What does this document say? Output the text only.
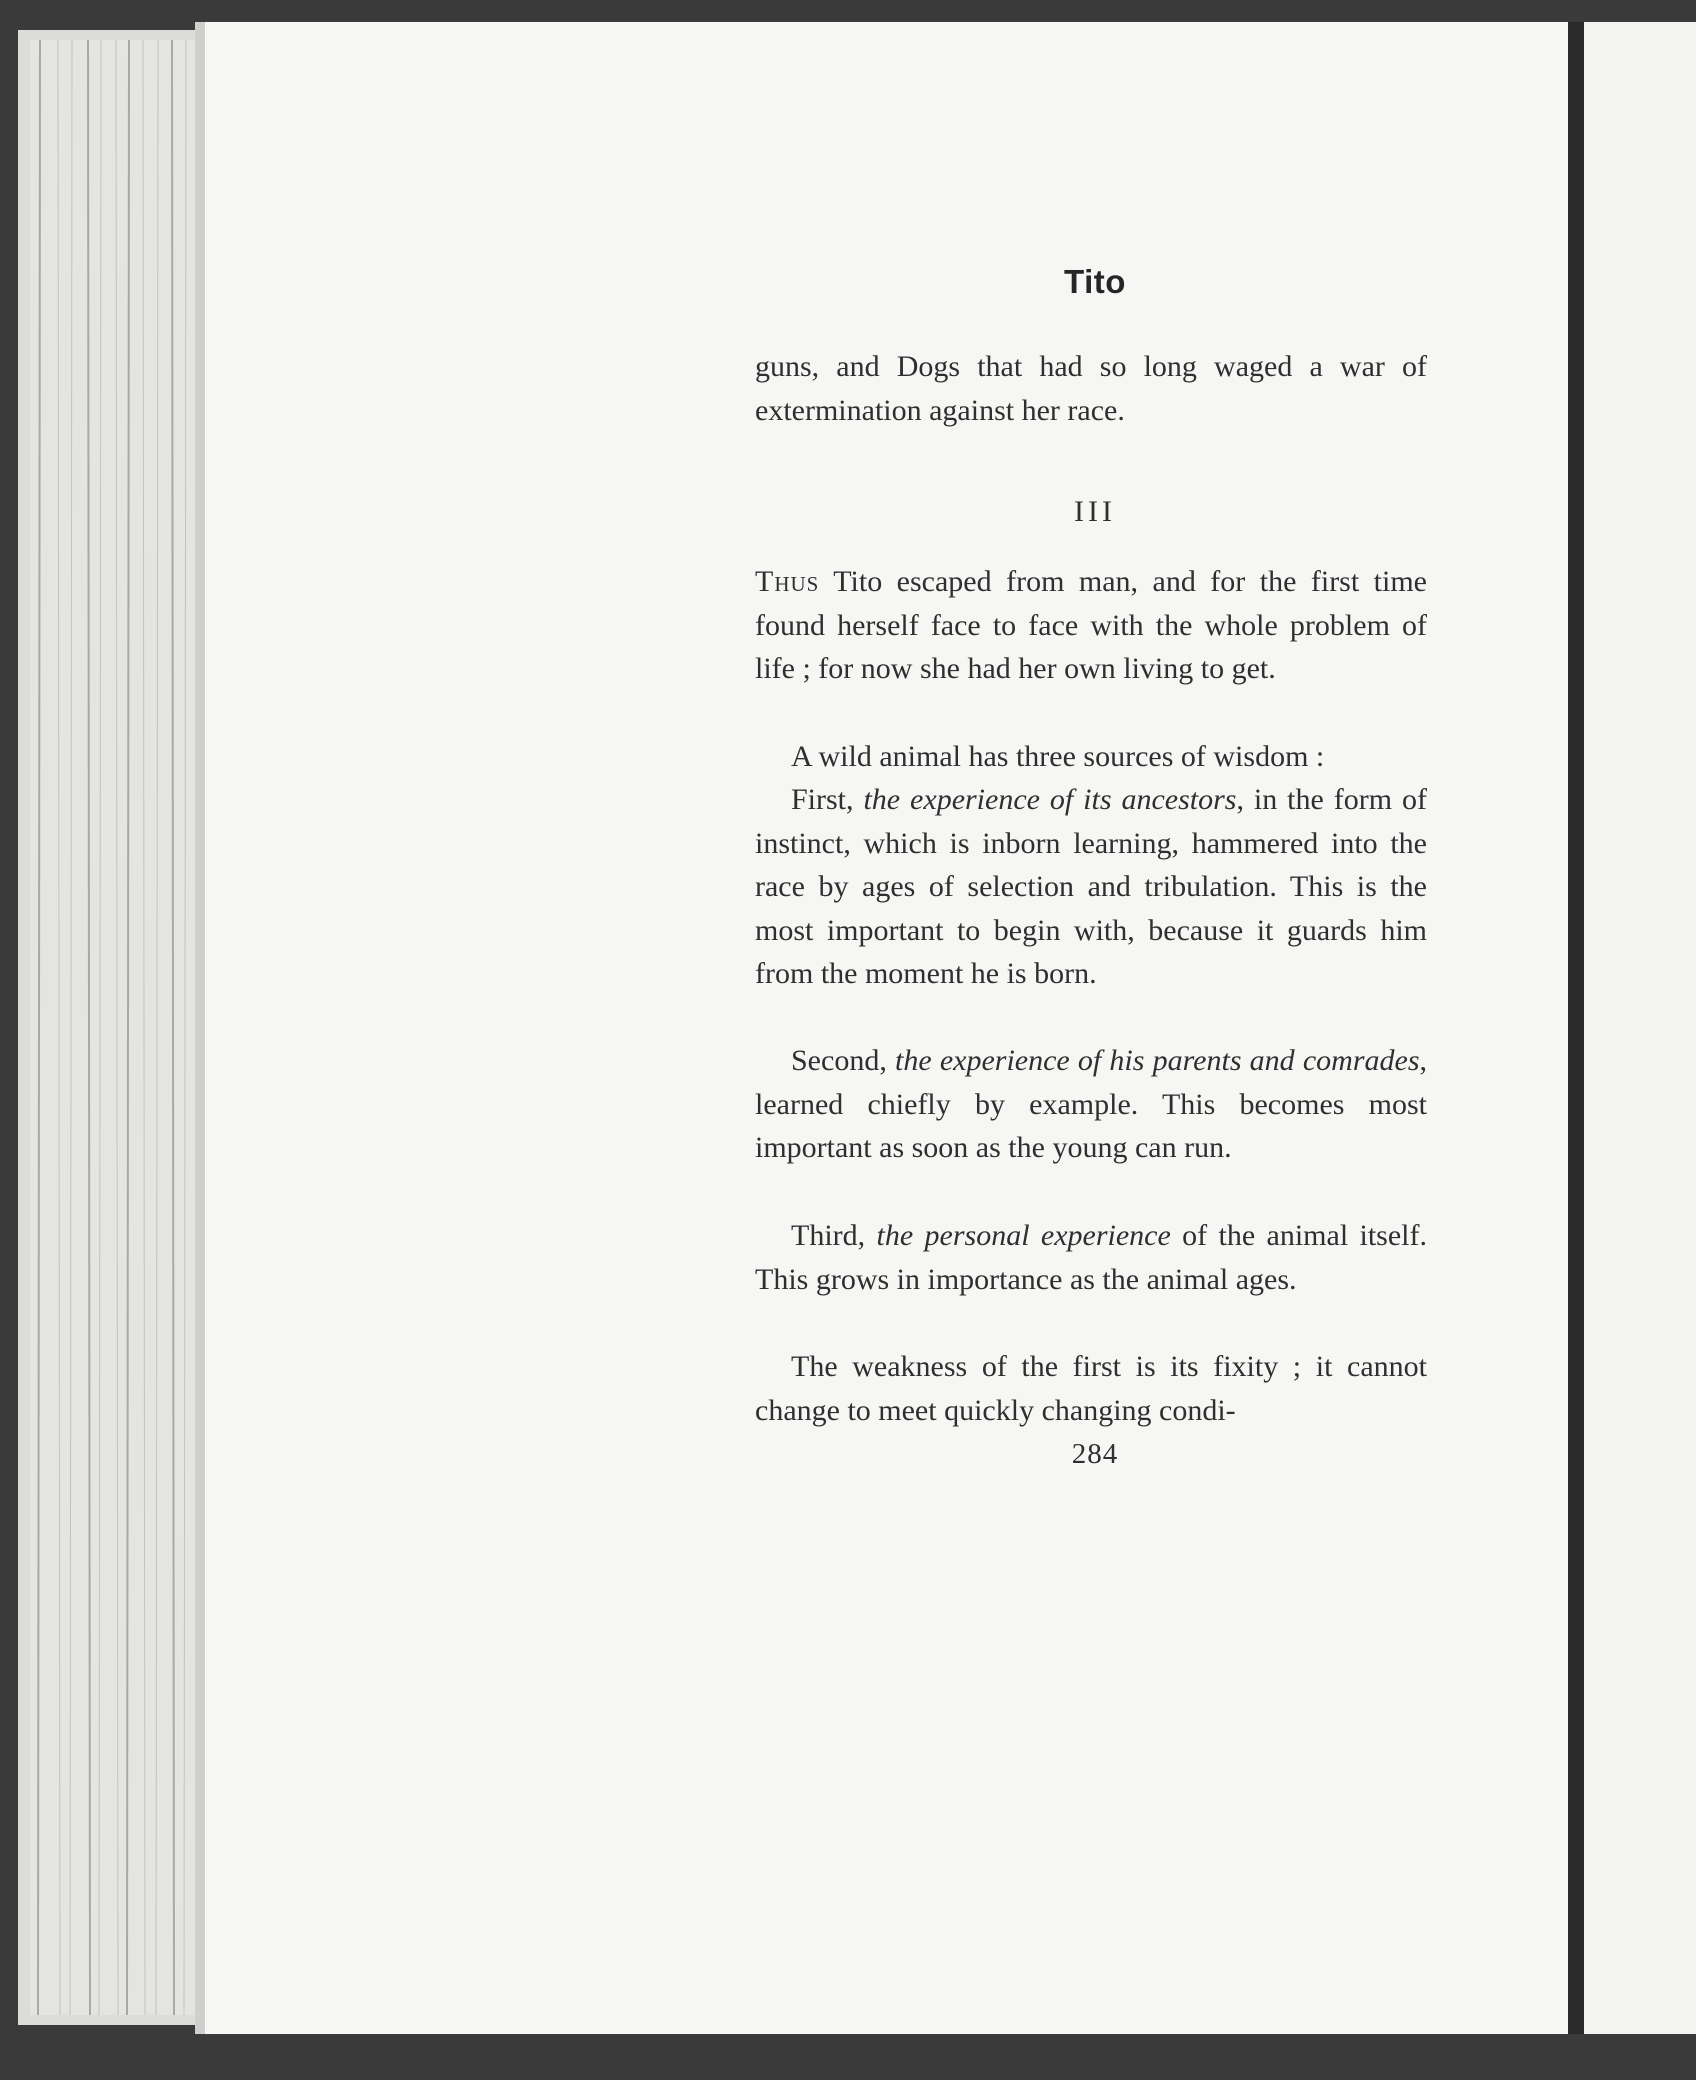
Tito

guns, and Dogs that had so long waged a war of extermination against her race.

III

Thus Tito escaped from man, and for the first time found herself face to face with the whole problem of life ; for now she had her own living to get.

A wild animal has three sources of wisdom :

First, the experience of its ancestors, in the form of instinct, which is inborn learning, hammered into the race by ages of selection and tribulation. This is the most important to begin with, because it guards him from the moment he is born.

Second, the experience of his parents and comrades, learned chiefly by example. This becomes most important as soon as the young can run.

Third, the personal experience of the animal itself. This grows in importance as the animal ages.

The weakness of the first is its fixity ; it cannot change to meet quickly changing condi-

284
